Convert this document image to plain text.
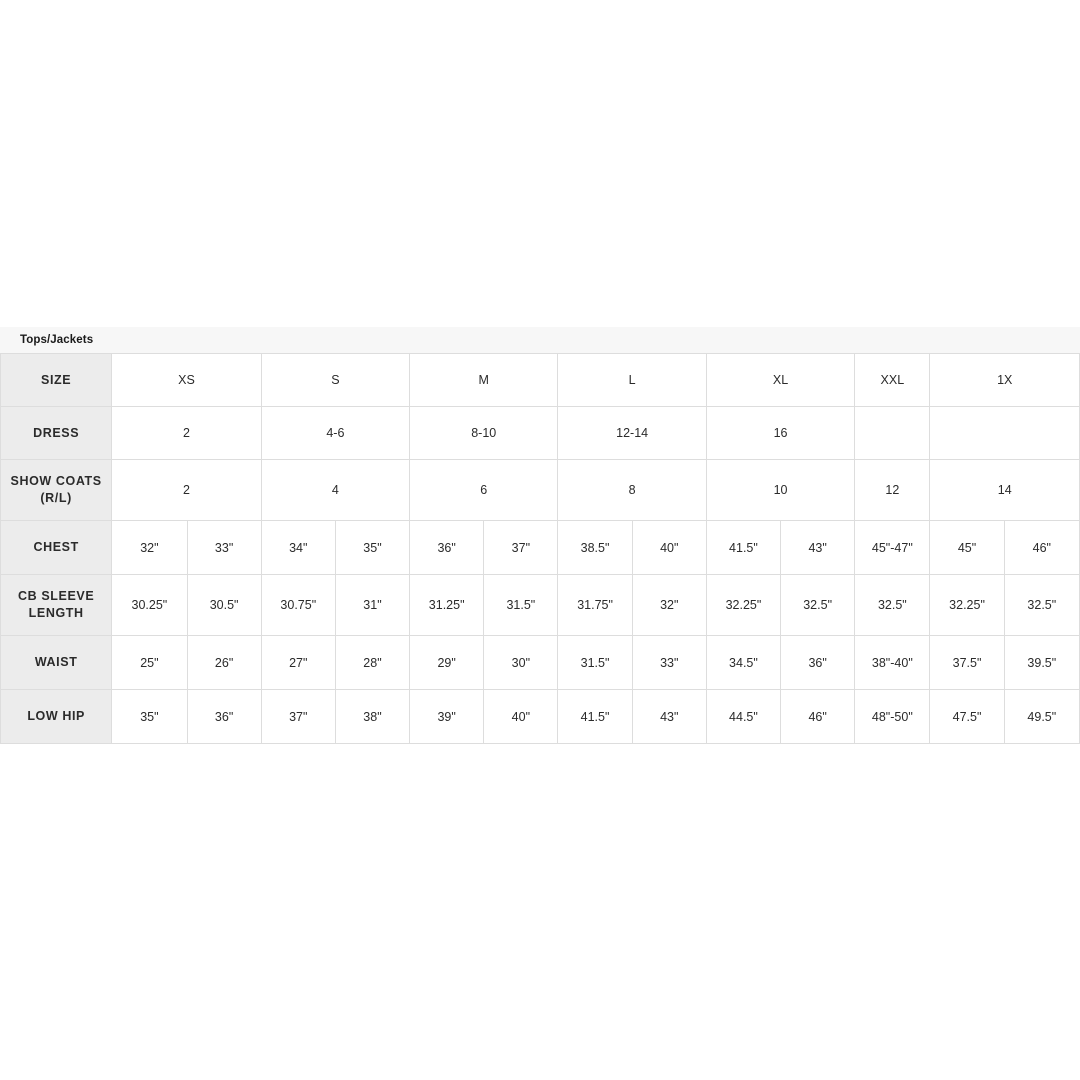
Tops/Jackets
SIZE	XS		S		M		L		XL		XXL	1X	
DRESS	2		4-6		8-10		12-14		16				

SHOW COATS
(R/L)	2		4		6		8		10		12	14	
CHEST	32"	33"	34"	35"	36"	37"	38.5"	40"	41.5"	43"	45"-47"	45"	46"

CB SLEEVE
LENGTH	30.25"	30.5"	30.75"	31"	31.25"	31.5"	31.75"	32"	32.25"	32.5"	32.5"	32.25"	32.5"
WAIST	25"	26"	27"	28"	29"	30"	31.5"	33"	34.5"	36"	38"-40"	37.5"	39.5"
LOW HIP	35"	36"	37"	38"	39"	40"	41.5"	43"	44.5"	46"	48"-50"	47.5"	49.5"
